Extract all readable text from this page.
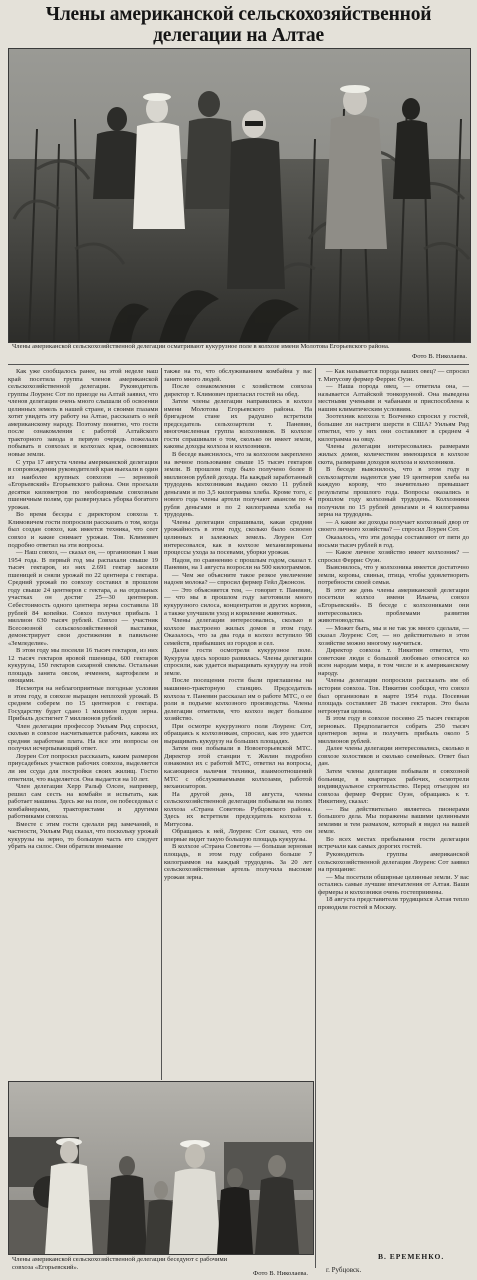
Члены американской сельскохозяйственной делегации на Алтае
Члены американской сельскохозяйственной делегации осматривают кукурузное поле в колхозе имени Молотова Егорьевского района.
Фото В. Николаева.

Как уже сообщалось ранее, на этой неделе наш край посетила группа членов американской сельскохозяйственной делегации. Руководитель группы Лоуренс Сот по приезде на Алтай заявил, что членов делегации очень много слышали об освоении целинных земель в нашей стране, и своими глазами хотят увидеть эту работу на Алтае, рассказать о ней американскому народу. Поэтому понятно, что гости после ознакомления с работой Алтайского тракторного завода в первую очередь пожелали побывать в совхозах и колхозах края, освоивших новые земли.

С утра 17 августа члены американской делегации в сопровождении руководителей края выехали в один из наиболее крупных совхозов — зерновой «Егорьевский» Егорьевского района. Они проехали десятки километров по необозримым совхозным пшеничным полям, где развернулась уборка богатого урожая.

Во время беседы с директором совхоза т. Климовичем гости попросили рассказать о том, когда был создан совхоз, как имеется техника, что сеет совхоз и какие снимает урожаи. Тов. Климович подробно ответил на эти вопросы.

— Наш совхоз, — сказал он, — организован 1 мая 1954 года. В первый год мы распахали свыше 19 тысяч гектаров, из них 2.691 гектар засеяли пшеницей и сняли урожай по 22 центнера с гектара. Средний урожай по совхозу составил в прошлом году свыше 24 центнеров с гектара, а на отдельных участках он достиг 25—30 центнеров. Себестоимость одного центнера зерна составила 18 рублей 84 копейки. Совхоз получил прибыль 1 миллион 630 тысяч рублей. Совхоз — участник Всесоюзной сельскохозяйственной выставки, демонстрирует свои достижения в павильоне «Земледелие».

В этом году мы посеяли 16 тысяч гектаров, из них 12 тысяч гектаров яровой пшеницы, 600 гектаров кукурузы, 150 гектаров сахарной свеклы. Остальная площадь занята овсом, ячменем, картофелем и овощами.

Несмотря на неблагоприятные погодные условия в этом году, в совхозе выращен неплохой урожай. В среднем соберем по 15 центнеров с гектара. Государству будет сдано 1 миллион пудов зерна. Прибыль достигнет 7 миллионов рублей.

Член делегации профессор Уильям Рид спросил, сколько в совхозе насчитывается рабочих, какова их средняя заработная плата. На все эти вопросы он получил исчерпывающий ответ.

Лоурен Сот попросил рассказать, каким размером приусадебных участков рабочих совхоза, выделяется ли им ссуда для постройки своих жилищ. Гостю ответили, что выделяется. Она выдается на 10 лет.

Член делегации Херр Ральф Олсен, например, решил сам сесть на комбайн и испытать, как работает машина. Здесь же на поле, он побеседовал с комбайнерами, трактористами и другими работниками совхоза.

Вместе с этим гости сделали ряд замечаний, в частности, Уильям Рид сказал, что поскольку урожай кукурузы на зерно, то большую часть его следует убрать на силос. Они обратили внимание

также на то, что обслуживанием комбайна у вас занято много людей.

После ознакомления с хозяйством совхоза директор т. Климович пригласил гостей на обед.

Затем члены делегации направились в колхоз имени Молотова Егорьевского района. На бригадном стане их радушно встретили председатель сельхозартели т. Паневин, многочисленная группа колхозников. В колхозе гости спрашивали о том, сколько он имеет земли, каковы доходы колхоза и колхозников.

В беседе выяснилось, что за колхозом закреплено на вечное пользование свыше 15 тысяч гектаров земли. В прошлом году было получено более 8 миллионов рублей дохода. На каждый заработанный трудодень колхозникам выдано около 11 рублей деньгами и по 3,5 килограмма хлеба. Кроме того, с нового года члены артели получают авансом по 4 рубля деньгами и по 2 килограмма хлеба на трудодень.

Члены делегации спрашивали, какая средняя урожайность в этом году, сколько было освоено целинных и залежных земель. Лоурен Сот интересовался, как в колхозе механизированы процессы ухода за посевами, уборки урожая.

Надои, по сравнению с прошлым годом, сказал т. Паневин, на 1 августа возросли на 500 килограммов.

— Чем же объясните такое резкое увеличение надоев молока? — спросил фермер Гейл Джонсон.

— Это объясняется тем, — говорит т. Паневин, — что мы в прошлом году заготовили много кукурузного силоса, концентратов и других кормов, а также улучшили уход и кормление животных.

Члены делегации интересовались, сколько в колхозе выстроено жилых домов в этом году. Оказалось, что за два года в колхоз вступило 98 семейств, прибывших из городов и сел.

Далее гости осмотрели кукурузное поле. Кукуруза здесь хорошо развилась. Члены делегации спросили, как удается выращивать кукурузу на этой земле.

После посещения гости были приглашены на машинно-тракторную станцию. Председатель колхоза т. Паневин рассказал им о работе МТС, о ее роли в подъеме колхозного производства. Члены делегации отметили, что колхоз ведет большое хозяйство.

При осмотре кукурузного поля Лоуренс Сот, обращаясь к колхозникам, спросил, как это удается выращивать кукурузу на больших площадях.

Затем они побывали в Новоегорьевской МТС. Директор этой станции т. Жилин подробно ознакомил их с работой МТС, ответил на вопросы, касающиеся наличия техники, взаимоотношений МТС с обслуживаемыми колхозами, работой механизаторов.

На другой день, 18 августа, члены сельскохозяйственной делегации побывали на полях колхоза «Страна Советов» Рубцовского района. Здесь их встретили председатель колхоза т. Митусова.

Обращаясь к ней, Лоуренс Сот сказал, что он впервые видит такую большую площадь кукурузы.

В колхозе «Страна Советов» — большая зерновая площадь, в этом году собрано больше 7 килограммов на каждый трудодень. За 20 лет сельскохозяйственная артель получила высокие урожаи зерна.

— Как называется порода ваших овец? — спросил т. Митусову фермер Феррис Оуэн.

— Наша порода овец, — ответила она, — называется Алтайской тонкорунной. Она выведена местными учеными и чабанами и приспособлена к нашим климатическим условиям.

Зоотехник колхоза т. Волченко спросил у гостей, большие ли настриги шерсти в США? Уильям Рид ответил, что у них они составляют в среднем 4 килограмма на овцу.

Члены делегации интересовались размерами жилых домов, количеством имеющихся в колхозе скота, размерами доходов колхоза и колхозников.

В беседе выяснилось, что в этом году в сельхозартели надеются уже 19 центнеров хлеба на каждую корову, что значительно превышает результаты прошлого года. Вопросы оказались в прошлом году колхозный трудодень. Колхозники получили по 15 рублей деньгами и 4 килограмма зерна на трудодень.

— А какие же доходы получает колхозный двор от своего личного хозяйства? — спросил Лоурен Сот.

Оказалось, что эти доходы составляют от пяти до восьми тысяч рублей в год.

— Какое личное хозяйство имеет колхозник? — спросил Феррис Оуэн.

Выяснилось, что у колхозника имеется достаточно земли, коровы, свиньи, птица, чтобы удовлетворить потребности своей семьи.

В этот же день члены американской делегации посетили колхоз имени Ильича, совхоз «Егорьевский». В беседе с колхозниками они интересовались проблемами развития животноводства.

— Может быть, мы и не так уж много сделали, — сказал Лоуренс Сот, — но действительно в этом хозяйстве можно многому научиться.

Директор совхоза т. Никитин ответил, что советские люди с большой любовью относятся ко всем народам мира, в том числе и к американскому народу.

Члены делегации попросили рассказать им об истории совхоза. Тов. Никитин сообщил, что совхоз был организован в марте 1954 года. Посевная площадь составляет 28 тысяч гектаров. Это была нетронутая целина.

В этом году в совхозе посеяно 25 тысяч гектаров зерновых. Предполагается собрать 250 тысяч центнеров зерна и получить прибыль около 5 миллионов рублей.

Далее члены делегации интересовались, сколько в совхозе холостяков и сколько семейных. Ответ был дан.

Затем члены делегации побывали в совхозной больнице, в квартирах рабочих, осмотрели индивидуальное строительство. Перед отъездом из совхоза фермер Феррис Оуэн, обращаясь к т. Никитину, сказал:

— Вы действительно являетесь пионерами большого дела. Мы поражены вашими целинными землями и тем размахом, который я видел на вашей земле.

Во всех местах пребывания гости делегации встречали как самых дорогих гостей.

Руководитель группы американской сельскохозяйственной делегации Лоуренс Сот заявил на прощание:

— Мы посетили обширные целинные земли. У вас остались самые лучшие впечатления от Алтая. Ваши фермеры и колхозники очень гостеприимны.

18 августа представители трудящихся Алтая тепло проводили гостей в Москву.

Члены американской сельскохозяйственной делегации беседуют с рабочими совхоза «Егорьевский».
Фото В. Николаева.
В. ЕРЕМЕНКО.
г. Рубцовск.
